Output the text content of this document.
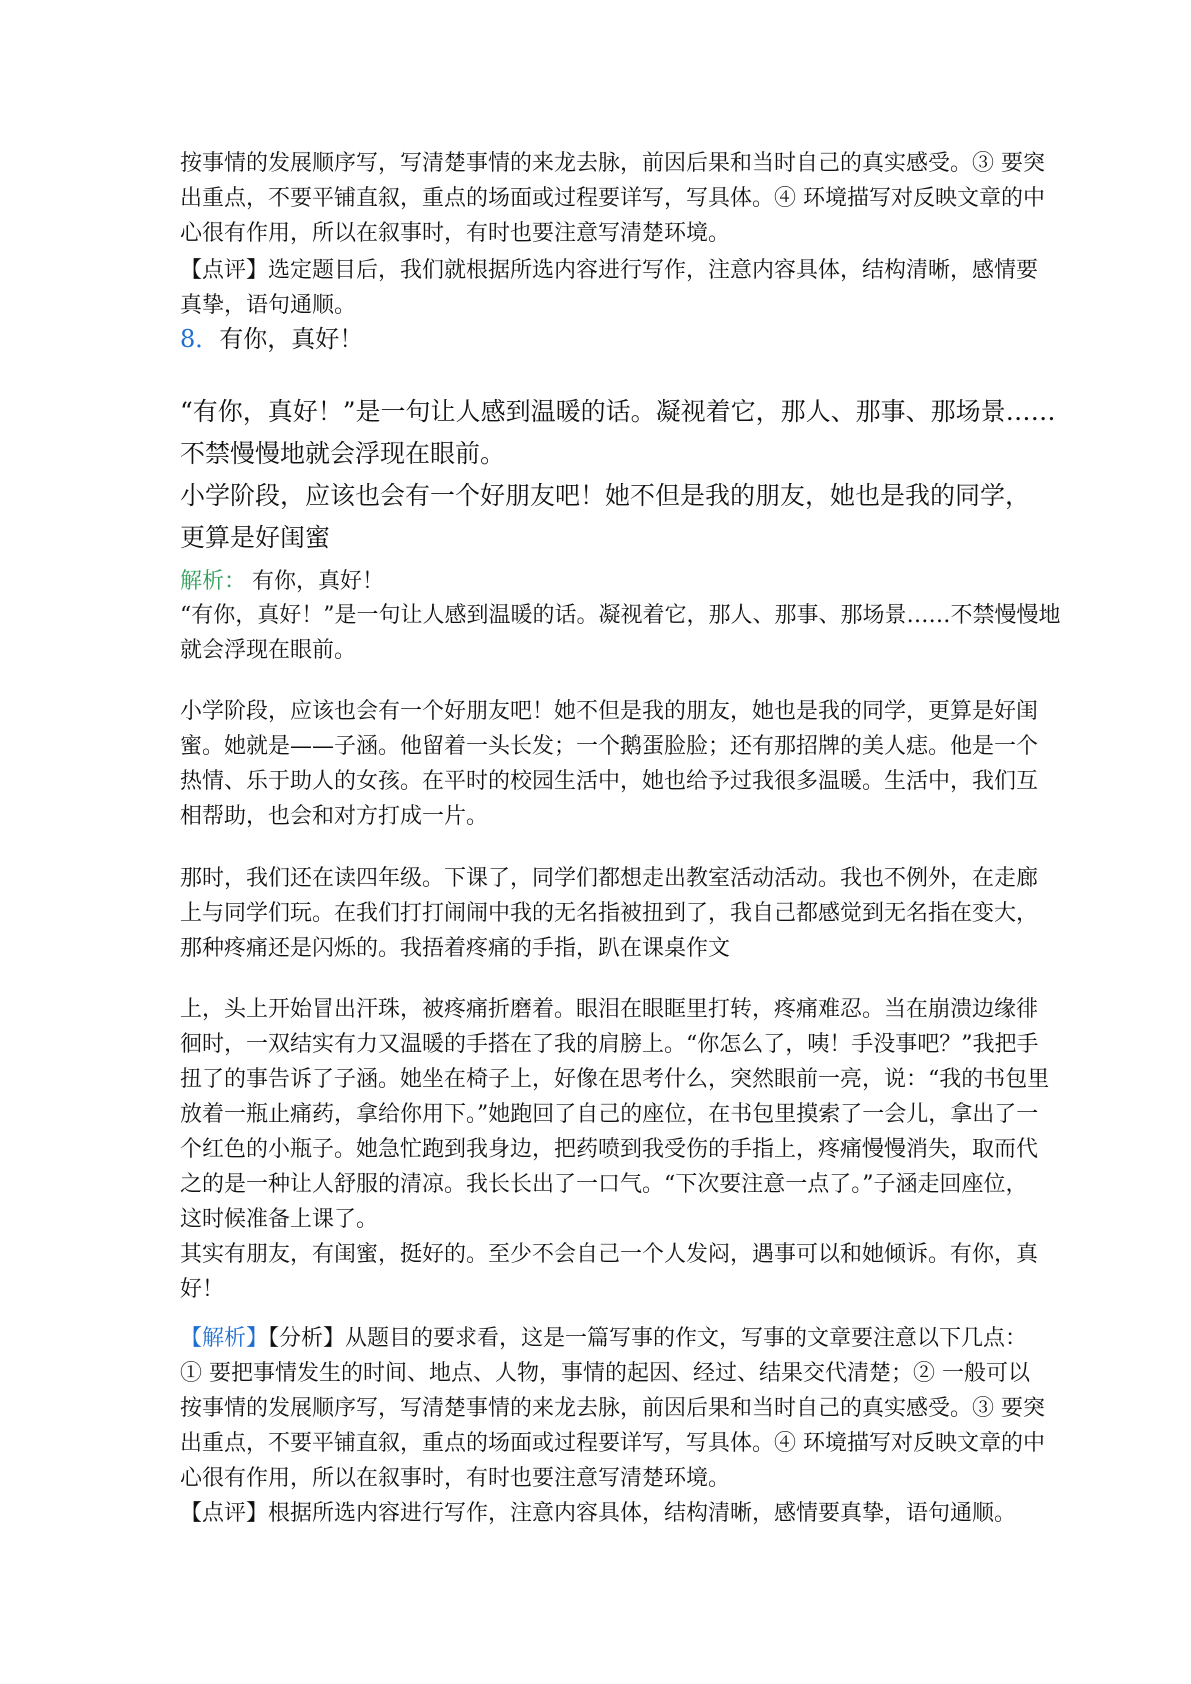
按事情的发展顺序写，写清楚事情的来龙去脉，前因后果和当时自己的真实感受。③ 要突
出重点，不要平铺直叙，重点的场面或过程要详写，写具体。④ 环境描写对反映文章的中
心很有作用，所以在叙事时，有时也要注意写清楚环境。
【点评】选定题目后，我们就根据所选内容进行写作，注意内容具体，结构清晰，感情要
真挚，语句通顺。
8．有你，真好！
“有你，真好！”是一句让人感到温暖的话。凝视着它，那人、那事、那场景……
不禁慢慢地就会浮现在眼前。
小学阶段，应该也会有一个好朋友吧！她不但是我的朋友，她也是我的同学，
更算是好闺蜜
解析： 有你，真好！
“有你，真好！”是一句让人感到温暖的话。凝视着它，那人、那事、那场景……不禁慢慢地
就会浮现在眼前。
小学阶段，应该也会有一个好朋友吧！她不但是我的朋友，她也是我的同学，更算是好闺
蜜。她就是——子涵。他留着一头长发；一个鹅蛋脸脸；还有那招牌的美人痣。他是一个
热情、乐于助人的女孩。在平时的校园生活中，她也给予过我很多温暖。生活中，我们互
相帮助，也会和对方打成一片。
那时，我们还在读四年级。下课了，同学们都想走出教室活动活动。我也不例外，在走廊
上与同学们玩。在我们打打闹闹中我的无名指被扭到了，我自己都感觉到无名指在变大，
那种疼痛还是闪烁的。我捂着疼痛的手指，趴在课桌作文
上，头上开始冒出汗珠，被疼痛折磨着。眼泪在眼眶里打转，疼痛难忍。当在崩溃边缘徘
徊时，一双结实有力又温暖的手搭在了我的肩膀上。“你怎么了，咦！手没事吧？”我把手
扭了的事告诉了子涵。她坐在椅子上，好像在思考什么，突然眼前一亮，说：“我的书包里
放着一瓶止痛药，拿给你用下。”她跑回了自己的座位，在书包里摸索了一会儿，拿出了一
个红色的小瓶子。她急忙跑到我身边，把药喷到我受伤的手指上，疼痛慢慢消失，取而代
之的是一种让人舒服的清凉。我长长出了一口气。“下次要注意一点了。”子涵走回座位，
这时候准备上课了。
其实有朋友，有闺蜜，挺好的。至少不会自己一个人发闷，遇事可以和她倾诉。有你，真
好！
【解析】【分析】从题目的要求看，这是一篇写事的作文，写事的文章要注意以下几点：
① 要把事情发生的时间、地点、人物，事情的起因、经过、结果交代清楚；② 一般可以
按事情的发展顺序写，写清楚事情的来龙去脉，前因后果和当时自己的真实感受。③ 要突
出重点，不要平铺直叙，重点的场面或过程要详写，写具体。④ 环境描写对反映文章的中
心很有作用，所以在叙事时，有时也要注意写清楚环境。
【点评】根据所选内容进行写作，注意内容具体，结构清晰，感情要真挚，语句通顺。
